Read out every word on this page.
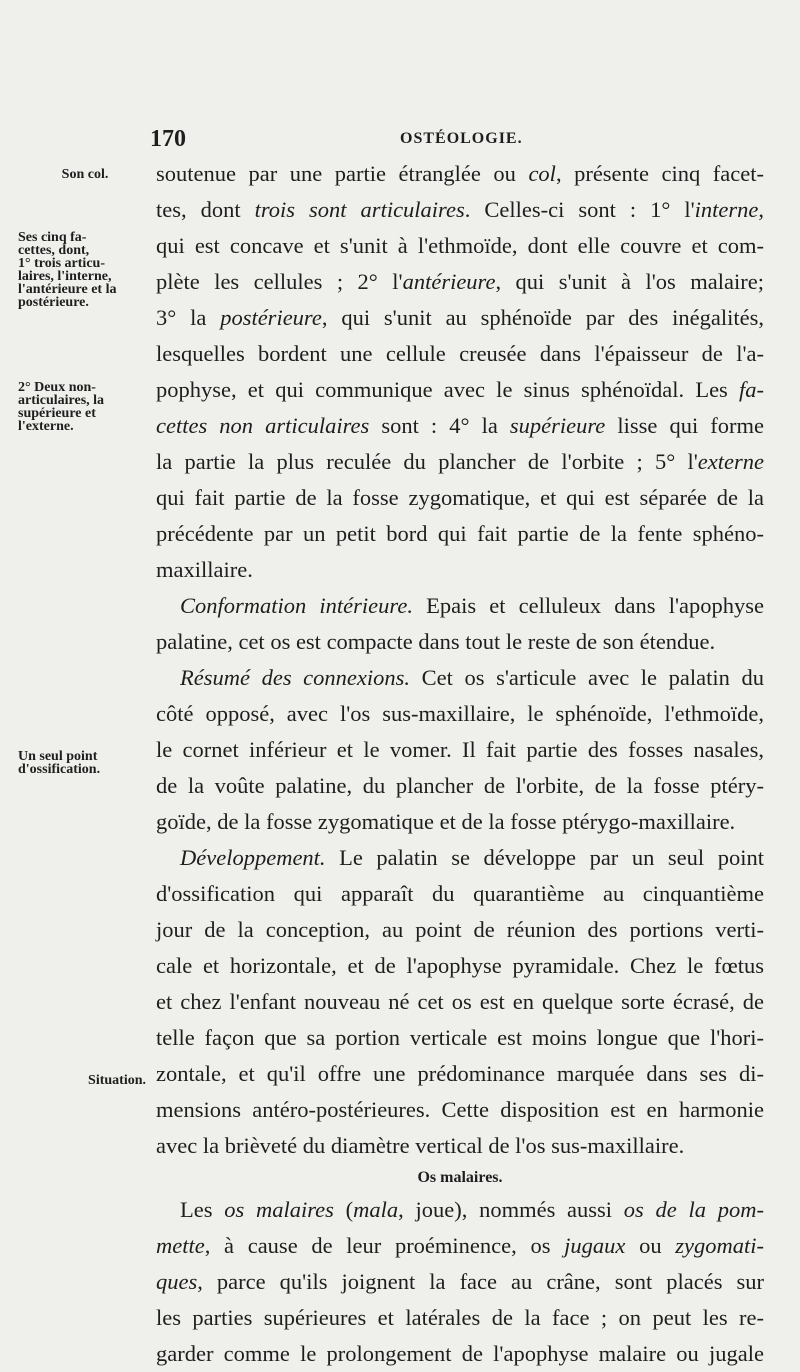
170	OSTÉOLOGIE.
Son col.
Ses cinq fa-
cettes, dont,
1° trois articu-
laires, l'interne,
l'antérieure et la
postérieure.
2° Deux non-
articulaires, la
supérieure et
l'externe.
Un seul point
d'ossification.
Situation.
soutenue par une partie étranglée ou col, présente cinq facet-
tes, dont trois sont articulaires. Celles-ci sont : 1° l'interne,
qui est concave et s'unit à l'ethmoïde, dont elle couvre et com-
plète les cellules ; 2° l'antérieure, qui s'unit à l'os malaire;
3° la postérieure, qui s'unit au sphénoïde par des inégalités,
lesquelles bordent une cellule creusée dans l'épaisseur de l'a-
pophyse, et qui communique avec le sinus sphénoïdal. Les fa-
cettes non articulaires sont : 4° la supérieure lisse qui forme
la partie la plus reculée du plancher de l'orbite ; 5° l'externe
qui fait partie de la fosse zygomatique, et qui est séparée de la
précédente par un petit bord qui fait partie de la fente sphéno-
maxillaire.
Conformation intérieure. Epais et celluleux dans l'apophyse
palatine, cet os est compacte dans tout le reste de son étendue.
Résumé des connexions. Cet os s'articule avec le palatin du
côté opposé, avec l'os sus-maxillaire, le sphénoïde, l'ethmoïde,
le cornet inférieur et le vomer. Il fait partie des fosses nasales,
de la voûte palatine, du plancher de l'orbite, de la fosse ptéry-
goïde, de la fosse zygomatique et de la fosse ptérygo-maxillaire.
Développement. Le palatin se développe par un seul point
d'ossification qui apparaît du quarantième au cinquantième
jour de la conception, au point de réunion des portions verti-
cale et horizontale, et de l'apophyse pyramidale. Chez le fœtus
et chez l'enfant nouveau né cet os est en quelque sorte écrasé, de
telle façon que sa portion verticale est moins longue que l'hori-
zontale, et qu'il offre une prédominance marquée dans ses di-
mensions antéro-postérieures. Cette disposition est en harmonie
avec la brièveté du diamètre vertical de l'os sus-maxillaire.
Os malaires.
Les os malaires (mala, joue), nommés aussi os de la pom-
mette, à cause de leur proéminence, os jugaux ou zygomati-
ques, parce qu'ils joignent la face au crâne, sont placés sur
les parties supérieures et latérales de la face ; on peut les re-
garder comme le prolongement de l'apophyse malaire ou jugale
